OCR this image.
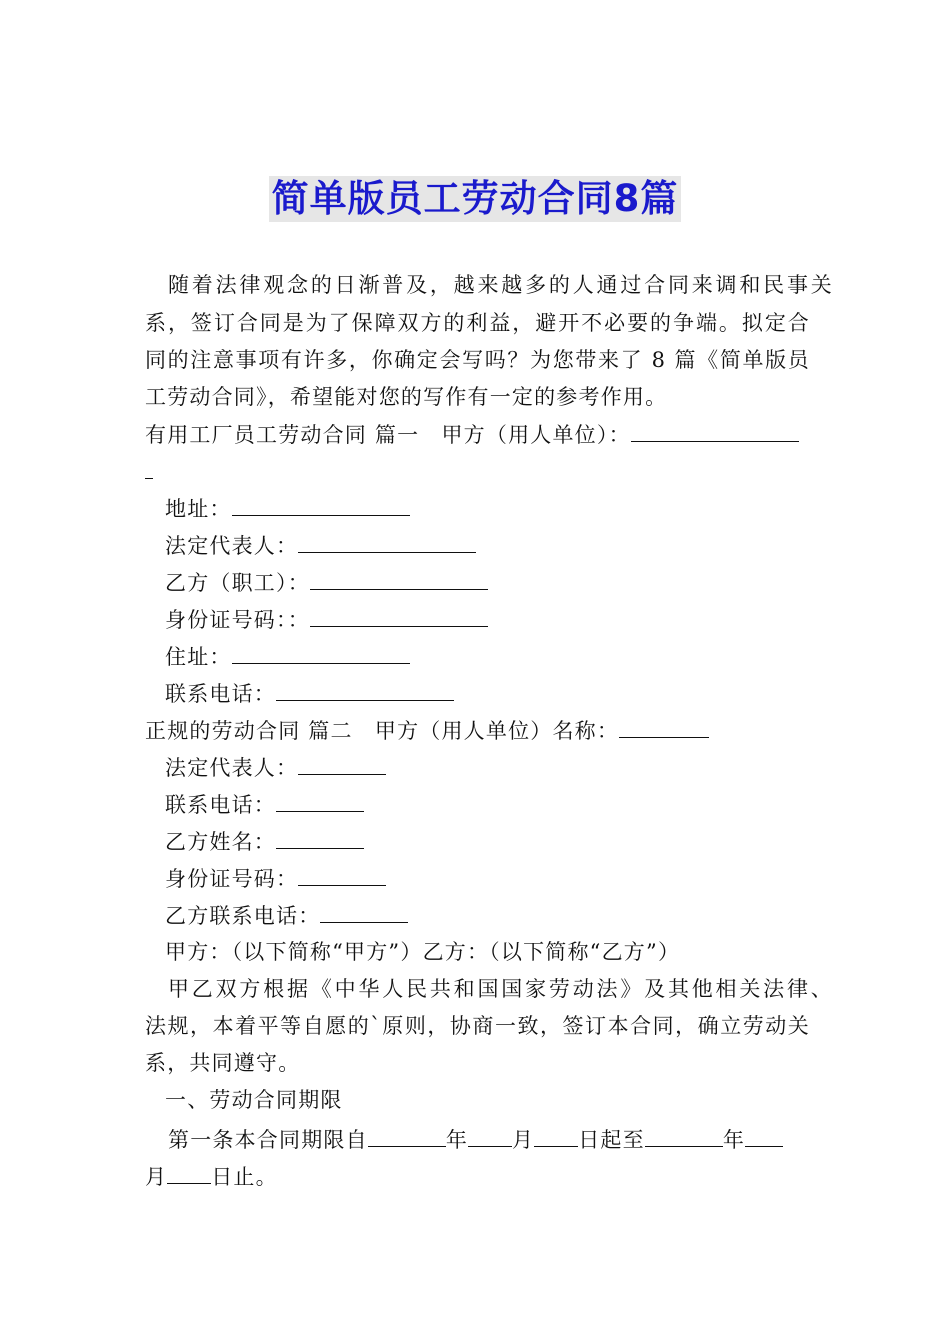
简单版员工劳动合同8篇
随着法律观念的日渐普及，越来越多的人通过合同来调和民事关
系，签订合同是为了保障双方的利益，避开不必要的争端。拟定合
同的注意事项有许多，你确定会写吗？为您带来了 8 篇《简单版员
工劳动合同》，希望能对您的写作有一定的参考作用。
有用工厂员工劳动合同 篇一　甲方（用人单位）：
地址：
法定代表人：
乙方（职工）：
身份证号码：：
住址：
联系电话：
正规的劳动合同 篇二　甲方（用人单位）名称：
法定代表人：
联系电话：
乙方姓名：
身份证号码：
乙方联系电话：
甲方：（以下简称“甲方”）乙方：（以下简称“乙方”）
甲乙双方根据《中华人民共和国国家劳动法》及其他相关法律、
法规，本着平等自愿的`原则，协商一致，签订本合同，确立劳动关
系，共同遵守。
一、劳动合同期限
第一条本合同期限自	年 月 日起至	年
月 日止。
